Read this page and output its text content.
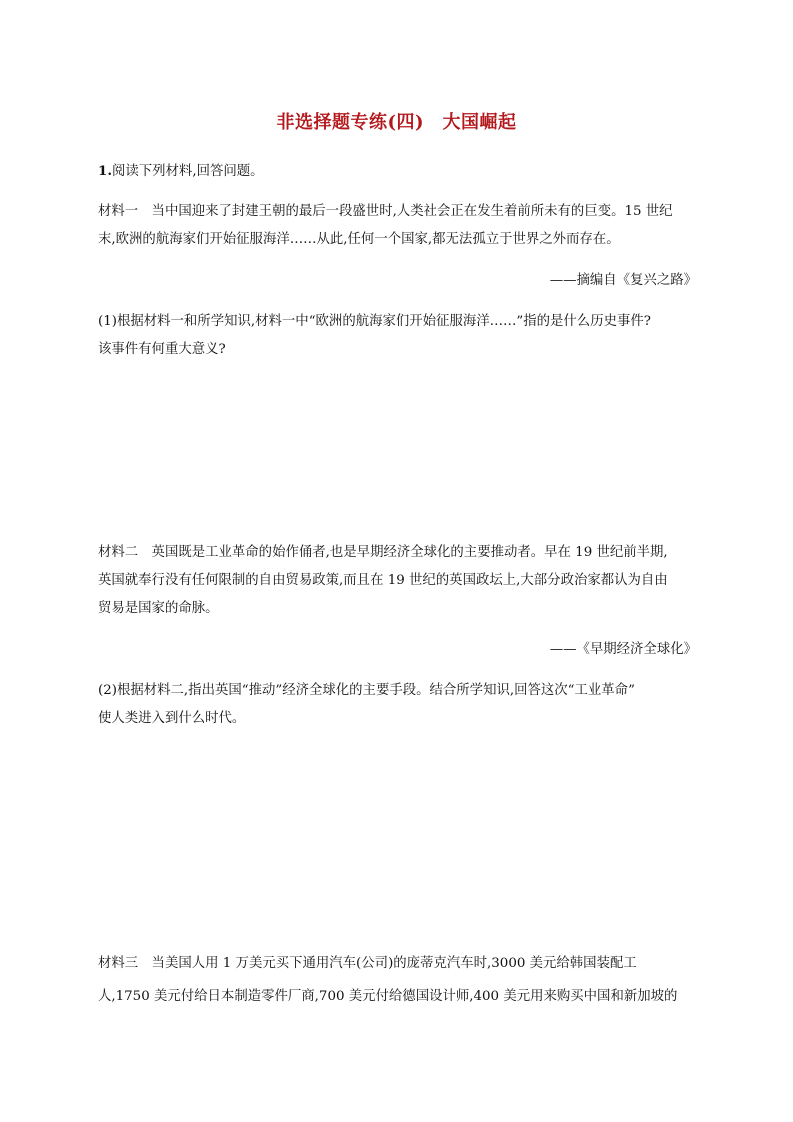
非选择题专练(四)　大国崛起
1.阅读下列材料,回答问题。
材料一　当中国迎来了封建王朝的最后一段盛世时,人类社会正在发生着前所未有的巨变。15 世纪
末,欧洲的航海家们开始征服海洋……从此,任何一个国家,都无法孤立于世界之外而存在。
——摘编自《复兴之路》
(1)根据材料一和所学知识,材料一中“欧洲的航海家们开始征服海洋……”指的是什么历史事件?
该事件有何重大意义?
材料二　英国既是工业革命的始作俑者,也是早期经济全球化的主要推动者。早在 19 世纪前半期,
英国就奉行没有任何限制的自由贸易政策,而且在 19 世纪的英国政坛上,大部分政治家都认为自由
贸易是国家的命脉。
——《早期经济全球化》
(2)根据材料二,指出英国“推动”经济全球化的主要手段。结合所学知识,回答这次“工业革命”
使人类进入到什么时代。
材料三　当美国人用 1 万美元买下通用汽车(公司)的庞蒂克汽车时,3000 美元给韩国装配工
人,1750 美元付给日本制造零件厂商,700 美元付给德国设计师,400 美元用来购买中国和新加坡的
